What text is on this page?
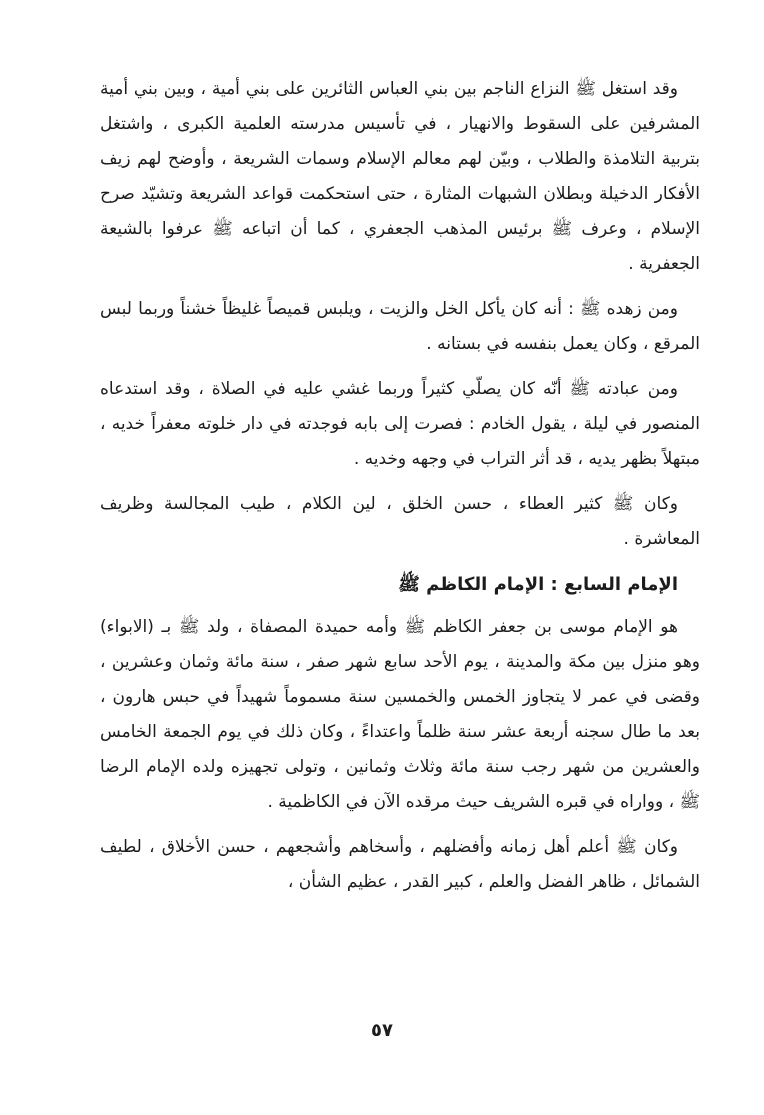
وقد استغل ﷺ النزاع الناجم بين بني العباس الثائرين على بني أمية ، وبين بني أمية المشرفين على السقوط والانهيار ، في تأسيس مدرسته العلمية الكبرى ، واشتغل بتربية التلامذة والطلاب ، وبيّن لهم معالم الإسلام وسمات الشريعة ، وأوضح لهم زيف الأفكار الدخيلة وبطلان الشبهات المثارة ، حتى استحكمت قواعد الشريعة وتشيّد صرح الإسلام ، وعرف ﷺ برئيس المذهب الجعفري ، كما أن اتباعه ﷺ عرفوا بالشيعة الجعفرية .

ومن زهده ﷺ : أنه كان يأكل الخل والزيت ، ويلبس قميصاً غليظاً خشناً وربما لبس المرقع ، وكان يعمل بنفسه في بستانه .

ومن عبادته ﷺ أنّه كان يصلّي كثيراً وربما غشي عليه في الصلاة ، وقد استدعاه المنصور في ليلة ، يقول الخادم : فصرت إلى بابه فوجدته في دار خلوته معفراً خديه ، مبتهلاً بظهر يديه ، قد أثر التراب في وجهه وخديه .

وكان ﷺ كثير العطاء ، حسن الخلق ، لين الكلام ، طيب المجالسة وظريف المعاشرة .

الإمام السابع : الإمام الكاظم ﷺ

هو الإمام موسى بن جعفر الكاظم ﷺ وأمه حميدة المصفاة ، ولد ﷺ بـ (الابواء) وهو منزل بين مكة والمدينة ، يوم الأحد سابع شهر صفر ، سنة مائة وثمان وعشرين ، وقضى في عمر لا يتجاوز الخمس والخمسين سنة مسموماً شهيداً في حبس هارون ، بعد ما طال سجنه أربعة عشر سنة ظلماً واعتداءً ، وكان ذلك في يوم الجمعة الخامس والعشرين من شهر رجب سنة مائة وثلاث وثمانين ، وتولى تجهيزه ولده الإمام الرضا ﷺ ، وواراه في قبره الشريف حيث مرقده الآن في الكاظمية .

وكان ﷺ أعلم أهل زمانه وأفضلهم ، وأسخاهم وأشجعهم ، حسن الأخلاق ، لطيف الشمائل ، ظاهر الفضل والعلم ، كبير القدر ، عظيم الشأن ،

٥٧
